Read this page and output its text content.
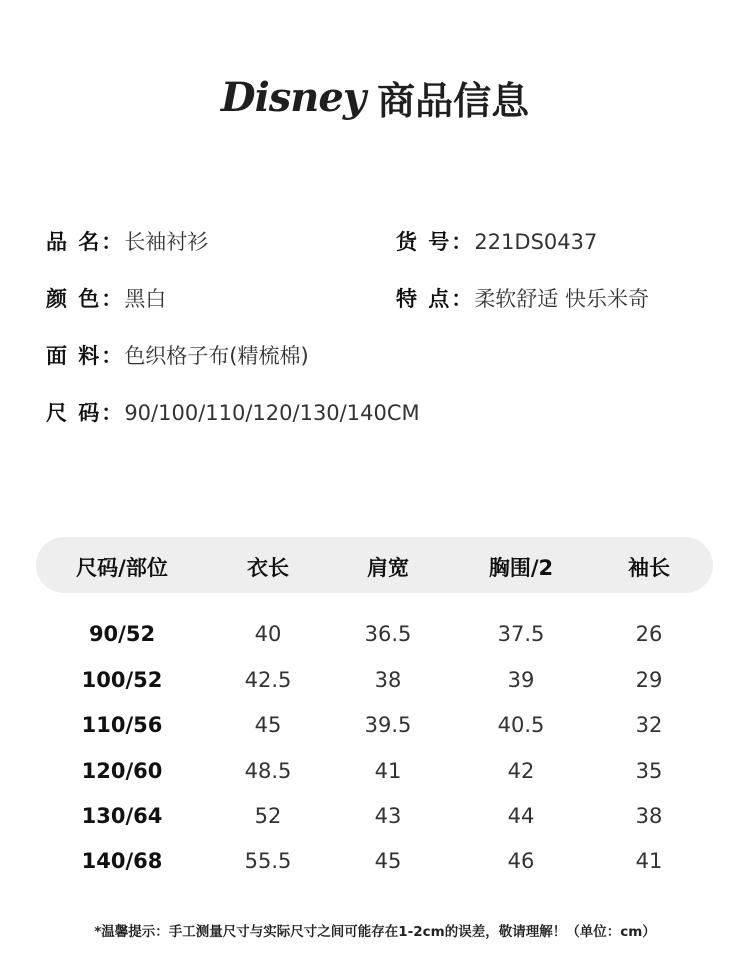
Disney 商品信息
品 名：长袖衬衫	货 号：221DS0437
颜 色：黑白	特 点：柔软舒适 快乐米奇
面 料：色织格子布(精梳棉)
尺 码：90/100/110/120/130/140CM
尺码/部位	衣长	肩宽	胸围/2	袖长
90/52	40	36.5	37.5	26
100/52	42.5	38	39	29
110/56	45	39.5	40.5	32
120/60	48.5	41	42	35
130/64	52	43	44	38
140/68	55.5	45	46	41
*温馨提示：手工测量尺寸与实际尺寸之间可能存在1-2cm的误差，敬请理解！（单位：cm）
